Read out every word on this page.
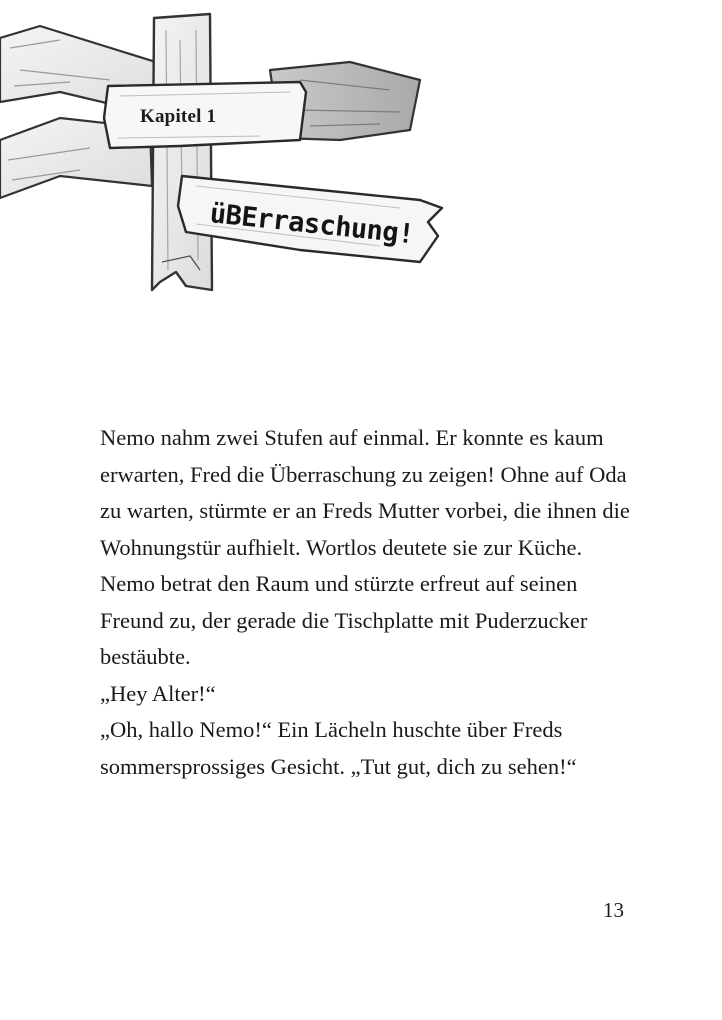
Kapitel 1
üBErraschung!

Nemo nahm zwei Stufen auf einmal. Er konnte es kaum erwarten, Fred die Überraschung zu zeigen! Ohne auf Oda zu warten, stürmte er an Freds Mutter vorbei, die ihnen die Wohnungstür aufhielt. Wortlos deutete sie zur Küche.

Nemo betrat den Raum und stürzte erfreut auf seinen Freund zu, der gerade die Tischplatte mit Puderzucker bestäubte.

„Hey Alter!“

„Oh, hallo Nemo!“ Ein Lächeln huschte über Freds sommersprossiges Gesicht. „Tut gut, dich zu sehen!“

13
